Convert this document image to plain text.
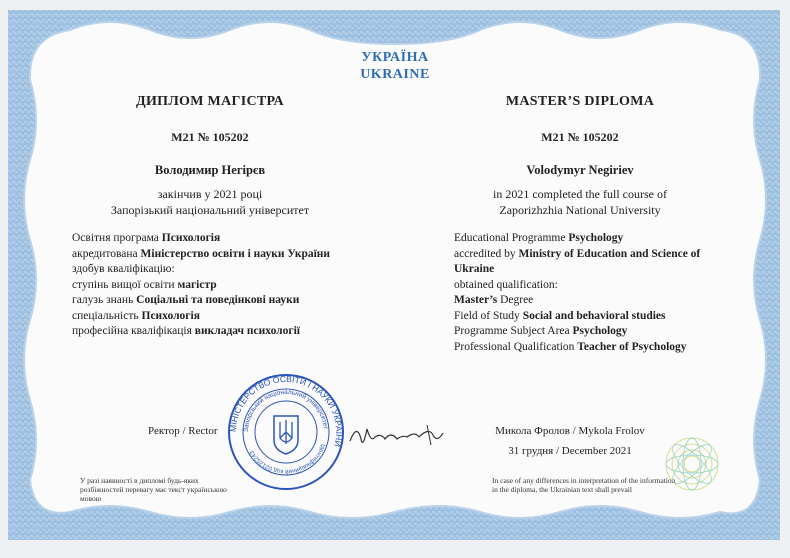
УКРАЇНА
UKRAINE
ДИПЛОМ МАГІСТРА
M21 № 105202
Володимир Негірєв
закінчив у 2021 році
Запорізький національний університет
Освітня програма Психологія
акредитована Міністерство освіти і науки України
здобув кваліфікацію:
ступінь вищої освіти магістр
галузь знань Соціальні та поведінкові науки
спеціальність Психологія
професійна кваліфікація викладач психології
Ректор / Rector
У разі наявності в дипломі будь-яких розбіжностей перевагу має текст українською мовою
МІНІСТЕРСТВО ОСВІТИ І НАУКИ УКРАЇНИ
Запорізький національний університет
Ідентифікаційний код 02125243
MASTER’S DIPLOMA
M21 № 105202
Volodymyr Negiriev
in 2021 completed the full course of
Zaporizhzhia National University
Educational Programme Psychology
accredited by Ministry of Education and Science of Ukraine
obtained qualification:
Master’s Degree
Field of Study Social and behavioral studies
Programme Subject Area Psychology
Professional Qualification Teacher of Psychology
Микола Фролов / Mykola Frolov
31 грудня / December 2021
In case of any differences in interpretation of the information in the diploma, the Ukrainian text shall prevail
